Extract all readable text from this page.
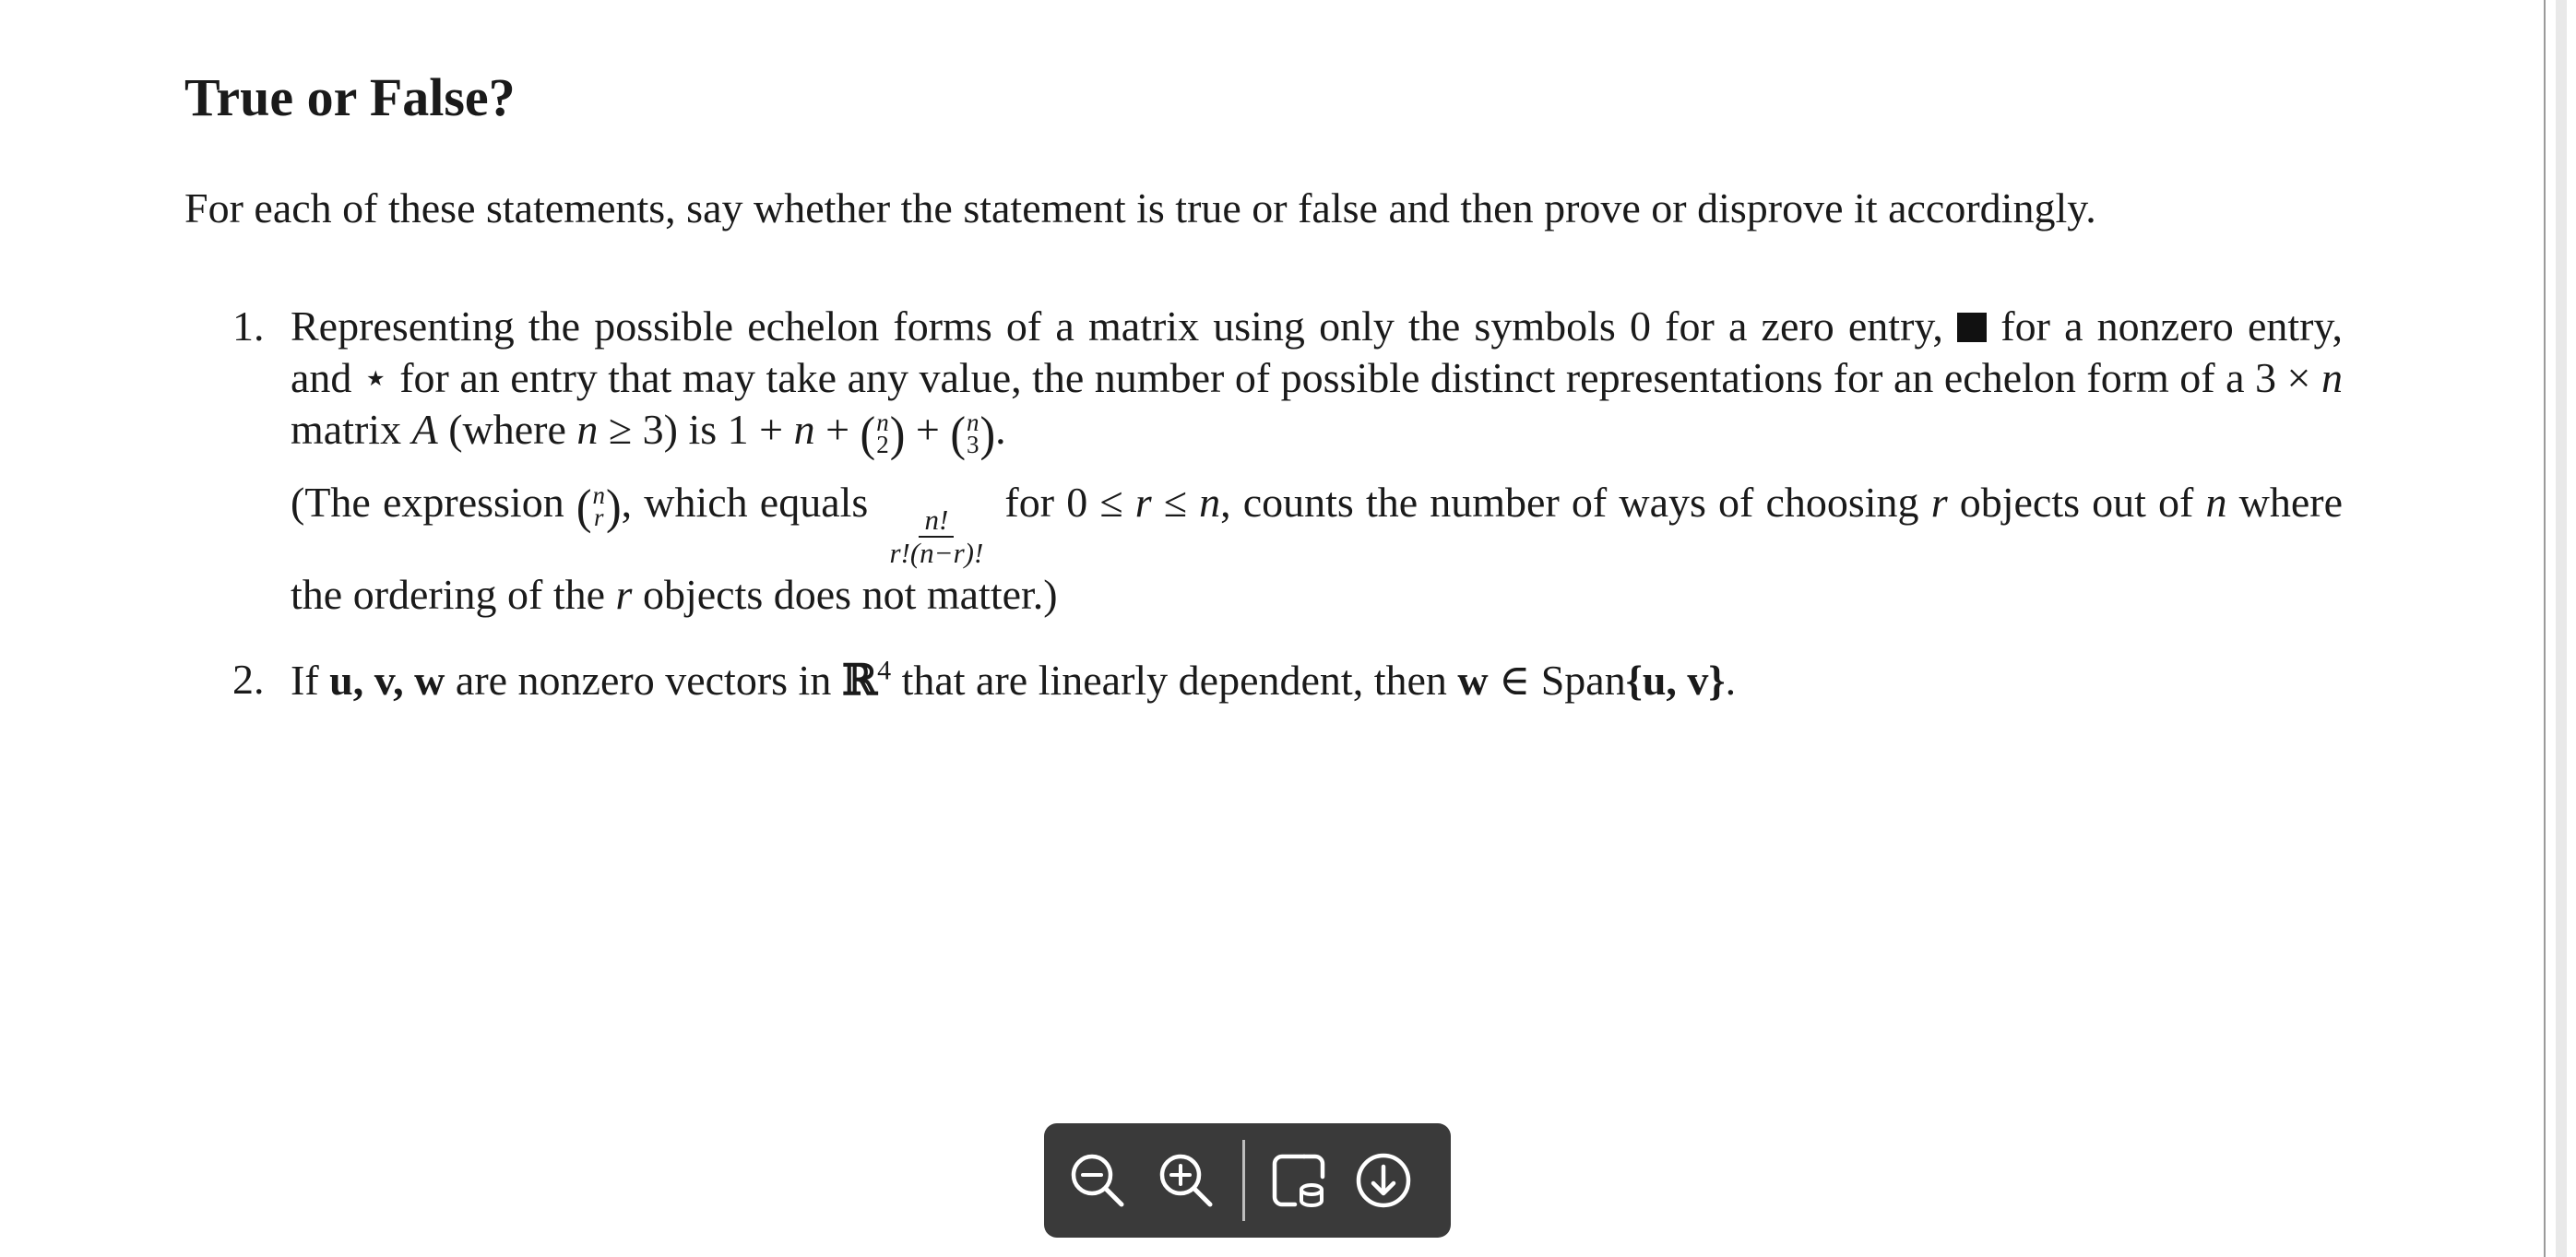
True or False?

For each of these statements, say whether the statement is true or false and then prove or disprove it accordingly.

1. Representing the possible echelon forms of a matrix using only the symbols 0 for a zero entry,  for a nonzero entry, and ⋆ for an entry that may take any value, the number of possible distinct representations for an echelon form of a 3 × n matrix A (where n ≥ 3) is 1 + n + ( n
2 ) + ( n
3 ) .

(The expression ( n
r ) , which equals
$\frac{n!}{r!(n-r)!}$
for 0 ≤ r ≤ n, counts the number of ways of choosing r objects out of n where the ordering of the r objects does not matter.)

2. If u, v, w are nonzero vectors in ℝ$^4$ that are linearly dependent, then w ∈ Span{u, v}.
